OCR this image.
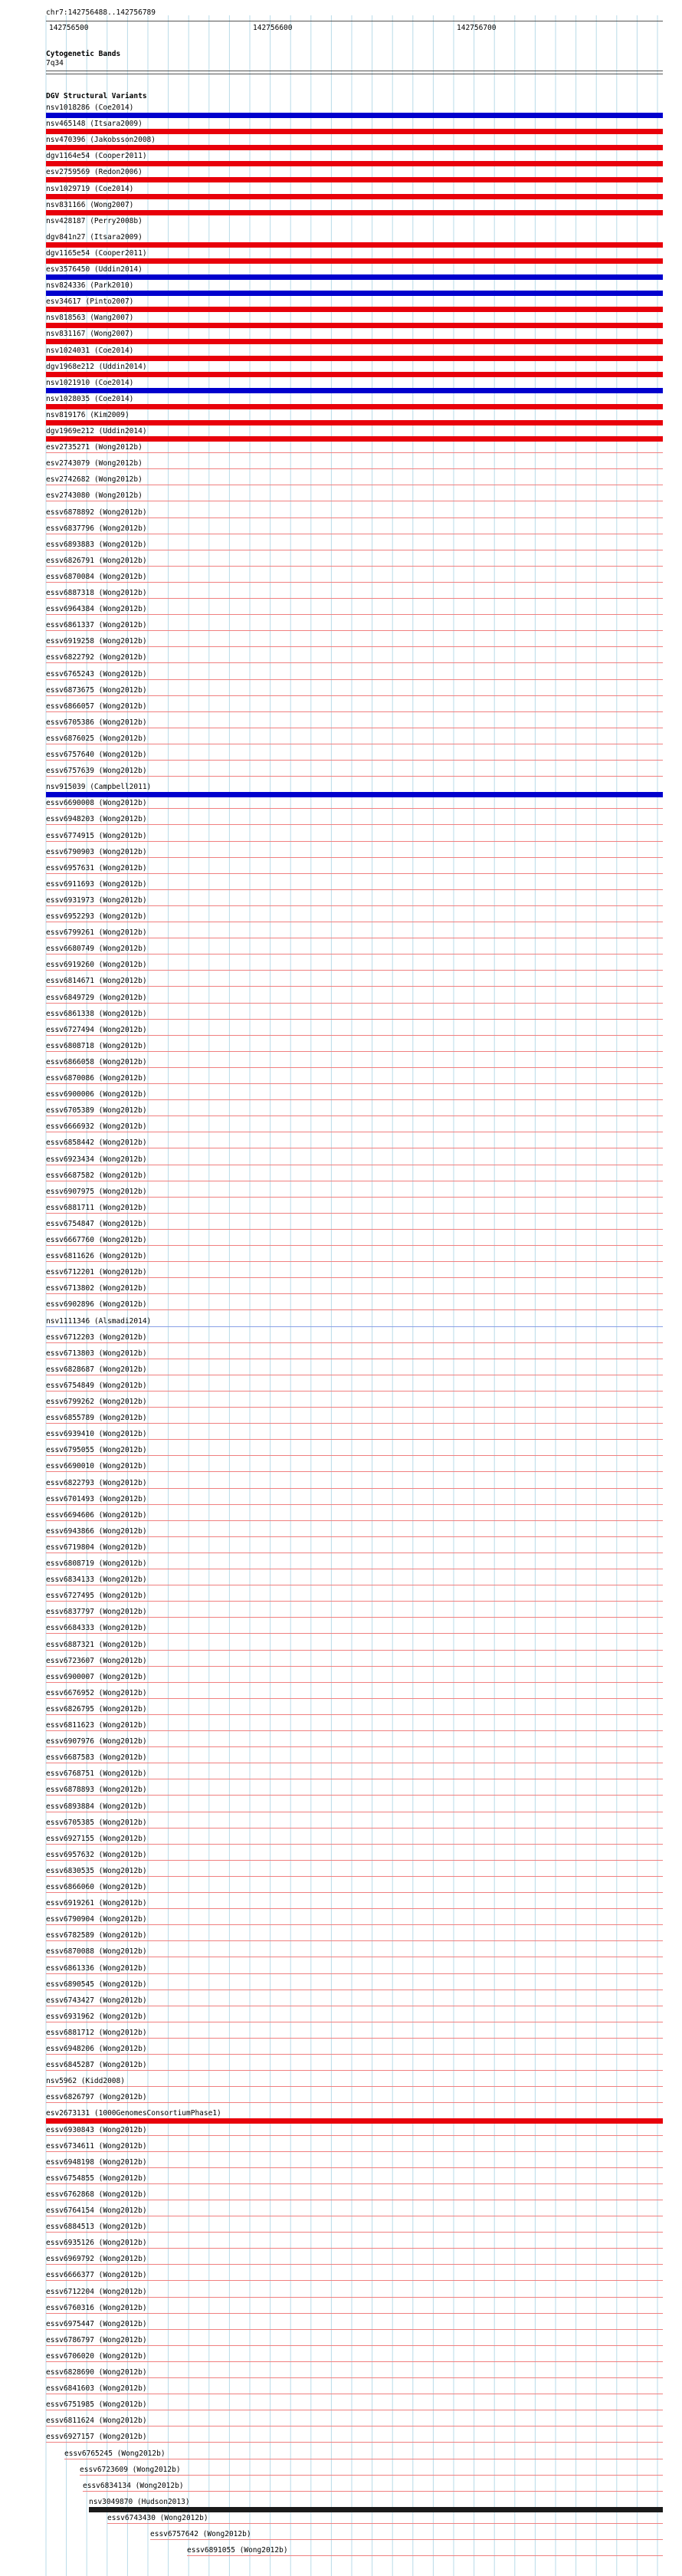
chr7:142756488..142756789
142756500	142756600	142756700
Cytogenetic Bands
7q34
DGV Structural Variants
nsv1018286 (Coe2014)
nsv465148 (Itsara2009)
nsv470396 (Jakobsson2008)
dgv1164e54 (Cooper2011)
esv2759569 (Redon2006)
nsv1029719 (Coe2014)
nsv831166 (Wong2007)
nsv428187 (Perry2008b)
dgv841n27 (Itsara2009)
dgv1165e54 (Cooper2011)
esv3576450 (Uddin2014)
nsv824336 (Park2010)
esv34617 (Pinto2007)
nsv818563 (Wang2007)
nsv831167 (Wong2007)
nsv1024031 (Coe2014)
dgv1968e212 (Uddin2014)
nsv1021910 (Coe2014)
nsv1028035 (Coe2014)
nsv819176 (Kim2009)
dgv1969e212 (Uddin2014)
esv2735271 (Wong2012b)
esv2743079 (Wong2012b)
esv2742682 (Wong2012b)
esv2743080 (Wong2012b)
essv6878892 (Wong2012b)
essv6837796 (Wong2012b)
essv6893883 (Wong2012b)
essv6826791 (Wong2012b)
essv6870084 (Wong2012b)
essv6887318 (Wong2012b)
essv6964384 (Wong2012b)
essv6861337 (Wong2012b)
essv6919258 (Wong2012b)
essv6822792 (Wong2012b)
essv6765243 (Wong2012b)
essv6873675 (Wong2012b)
essv6866057 (Wong2012b)
essv6705386 (Wong2012b)
essv6876025 (Wong2012b)
essv6757640 (Wong2012b)
essv6757639 (Wong2012b)
nsv915039 (Campbell2011)
essv6690008 (Wong2012b)
essv6948203 (Wong2012b)
essv6774915 (Wong2012b)
essv6790903 (Wong2012b)
essv6957631 (Wong2012b)
essv6911693 (Wong2012b)
essv6931973 (Wong2012b)
essv6952293 (Wong2012b)
essv6799261 (Wong2012b)
essv6680749 (Wong2012b)
essv6919260 (Wong2012b)
essv6814671 (Wong2012b)
essv6849729 (Wong2012b)
essv6861338 (Wong2012b)
essv6727494 (Wong2012b)
essv6808718 (Wong2012b)
essv6866058 (Wong2012b)
essv6870086 (Wong2012b)
essv6900006 (Wong2012b)
essv6705389 (Wong2012b)
essv6666932 (Wong2012b)
essv6858442 (Wong2012b)
essv6923434 (Wong2012b)
essv6687582 (Wong2012b)
essv6907975 (Wong2012b)
essv6881711 (Wong2012b)
essv6754847 (Wong2012b)
essv6667760 (Wong2012b)
essv6811626 (Wong2012b)
essv6712201 (Wong2012b)
essv6713802 (Wong2012b)
essv6902896 (Wong2012b)
nsv1111346 (Alsmadi2014)
essv6712203 (Wong2012b)
essv6713803 (Wong2012b)
essv6828687 (Wong2012b)
essv6754849 (Wong2012b)
essv6799262 (Wong2012b)
essv6855789 (Wong2012b)
essv6939410 (Wong2012b)
essv6795055 (Wong2012b)
essv6690010 (Wong2012b)
essv6822793 (Wong2012b)
essv6701493 (Wong2012b)
essv6694606 (Wong2012b)
essv6943866 (Wong2012b)
essv6719804 (Wong2012b)
essv6808719 (Wong2012b)
essv6834133 (Wong2012b)
essv6727495 (Wong2012b)
essv6837797 (Wong2012b)
essv6684333 (Wong2012b)
essv6887321 (Wong2012b)
essv6723607 (Wong2012b)
essv6900007 (Wong2012b)
essv6676952 (Wong2012b)
essv6826795 (Wong2012b)
essv6811623 (Wong2012b)
essv6907976 (Wong2012b)
essv6687583 (Wong2012b)
essv6768751 (Wong2012b)
essv6878893 (Wong2012b)
essv6893884 (Wong2012b)
essv6705385 (Wong2012b)
essv6927155 (Wong2012b)
essv6957632 (Wong2012b)
essv6830535 (Wong2012b)
essv6866060 (Wong2012b)
essv6919261 (Wong2012b)
essv6790904 (Wong2012b)
essv6782589 (Wong2012b)
essv6870088 (Wong2012b)
essv6861336 (Wong2012b)
essv6890545 (Wong2012b)
essv6743427 (Wong2012b)
essv6931962 (Wong2012b)
essv6881712 (Wong2012b)
essv6948206 (Wong2012b)
essv6845287 (Wong2012b)
nsv5962 (Kidd2008)
essv6826797 (Wong2012b)
esv2673131 (1000GenomesConsortiumPhase1)
essv6930843 (Wong2012b)
essv6734611 (Wong2012b)
essv6948198 (Wong2012b)
essv6754855 (Wong2012b)
essv6762868 (Wong2012b)
essv6764154 (Wong2012b)
essv6884513 (Wong2012b)
essv6935126 (Wong2012b)
essv6969792 (Wong2012b)
essv6666377 (Wong2012b)
essv6712204 (Wong2012b)
essv6760316 (Wong2012b)
essv6975447 (Wong2012b)
essv6786797 (Wong2012b)
essv6706020 (Wong2012b)
essv6828690 (Wong2012b)
essv6841603 (Wong2012b)
essv6751985 (Wong2012b)
essv6811624 (Wong2012b)
essv6927157 (Wong2012b)
essv6765245 (Wong2012b)
essv6723609 (Wong2012b)
essv6834134 (Wong2012b)
nsv3049870 (Hudson2013)
essv6743430 (Wong2012b)
essv6757642 (Wong2012b)
essv6891055 (Wong2012b)
